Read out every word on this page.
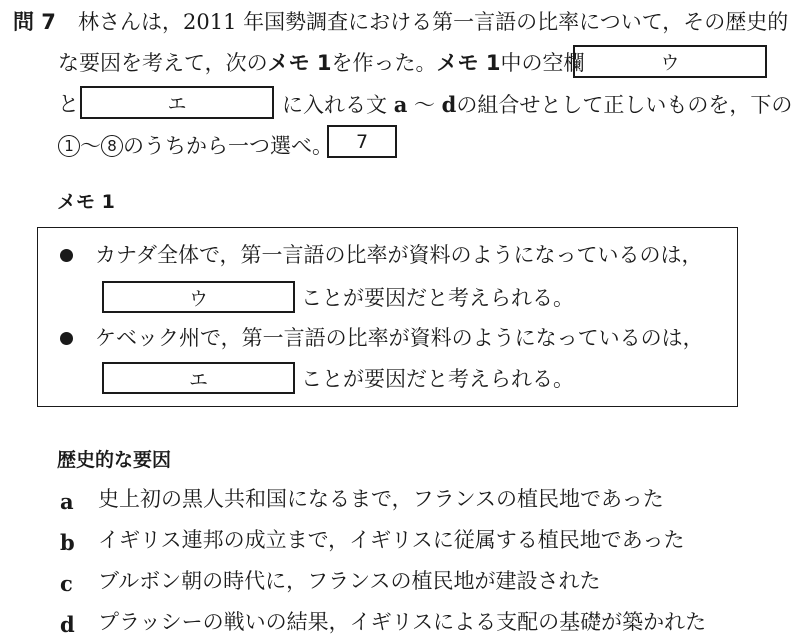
問 7 林さんは，2011 年国勢調査における第一言語の比率について，その歴史的
な要因を考えて，次のメモ 1を作った。メモ 1中の空欄	ウ
と	エ	に入れる文 a 〜 dの組合せとして正しいものを，下の
1 〜 8 のうちから一つ選べ。 7
メモ 1
カナダ全体で，第一言語の比率が資料のようになっているのは，
ウ	ことが要因だと考えられる。
ケベック州で，第一言語の比率が資料のようになっているのは，
エ	ことが要因だと考えられる。
歴史的な要因
a 史上初の黒人共和国になるまで，フランスの植民地であった
b イギリス連邦の成立まで，イギリスに従属する植民地であった
c ブルボン朝の時代に，フランスの植民地が建設された
d プラッシーの戦いの結果，イギリスによる支配の基礎が築かれた
